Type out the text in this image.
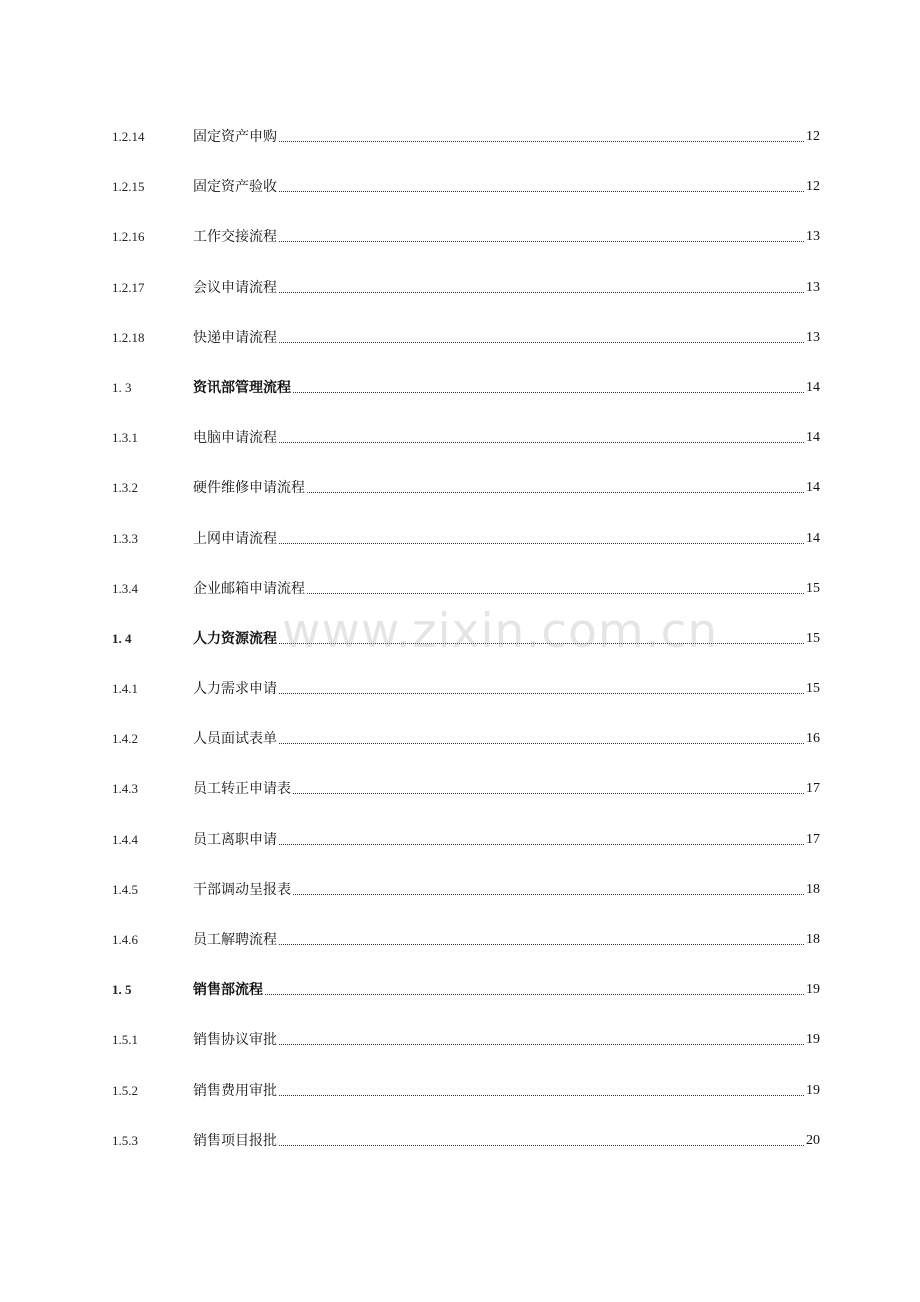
1.2.14	固定资产申购	12
1.2.15	固定资产验收	12
1.2.16	工作交接流程	13
1.2.17	会议申请流程	13
1.2.18	快递申请流程	13
1. 3	资讯部管理流程	14
1.3.1	电脑申请流程	14
1.3.2	硬件维修申请流程	14
1.3.3	上网申请流程	14
1.3.4	企业邮箱申请流程	15
1. 4	人力资源流程	15
1.4.1	人力需求申请	15
1.4.2	人员面试表单	16
1.4.3	员工转正申请表	17
1.4.4	员工离职申请	17
1.4.5	干部调动呈报表	18
1.4.6	员工解聘流程	18
1. 5	销售部流程	19
1.5.1	销售协议审批	19
1.5.2	销售费用审批	19
1.5.3	销售项目报批	20
www.zixin.com.cn
